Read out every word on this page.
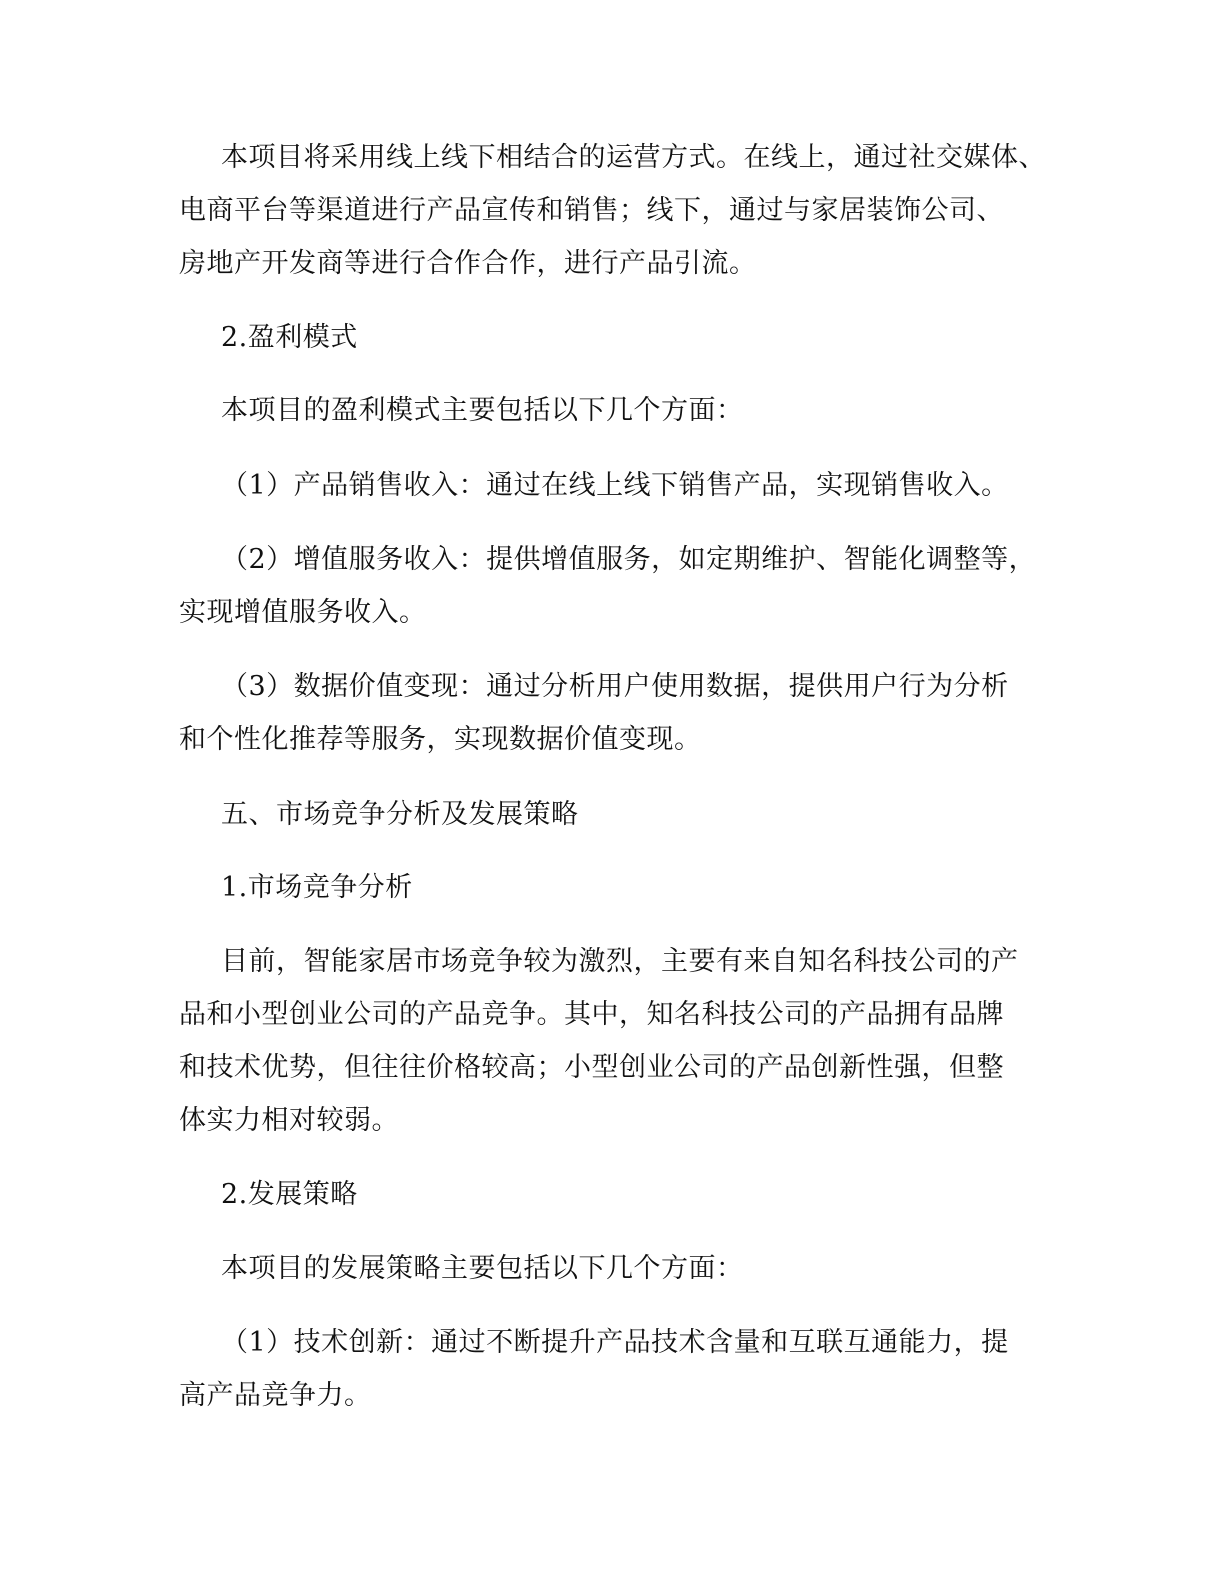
本项目将采用线上线下相结合的运营方式。在线上，通过社交媒体、
电商平台等渠道进行产品宣传和销售；线下，通过与家居装饰公司、
房地产开发商等进行合作合作，进行产品引流。
2.盈利模式
本项目的盈利模式主要包括以下几个方面：
（1）产品销售收入：通过在线上线下销售产品，实现销售收入。
（2）增值服务收入：提供增值服务，如定期维护、智能化调整等，
实现增值服务收入。
（3）数据价值变现：通过分析用户使用数据，提供用户行为分析
和个性化推荐等服务，实现数据价值变现。
五、市场竞争分析及发展策略
1.市场竞争分析
目前，智能家居市场竞争较为激烈，主要有来自知名科技公司的产
品和小型创业公司的产品竞争。其中，知名科技公司的产品拥有品牌
和技术优势，但往往价格较高；小型创业公司的产品创新性强，但整
体实力相对较弱。
2.发展策略
本项目的发展策略主要包括以下几个方面：
（1）技术创新：通过不断提升产品技术含量和互联互通能力，提
高产品竞争力。
